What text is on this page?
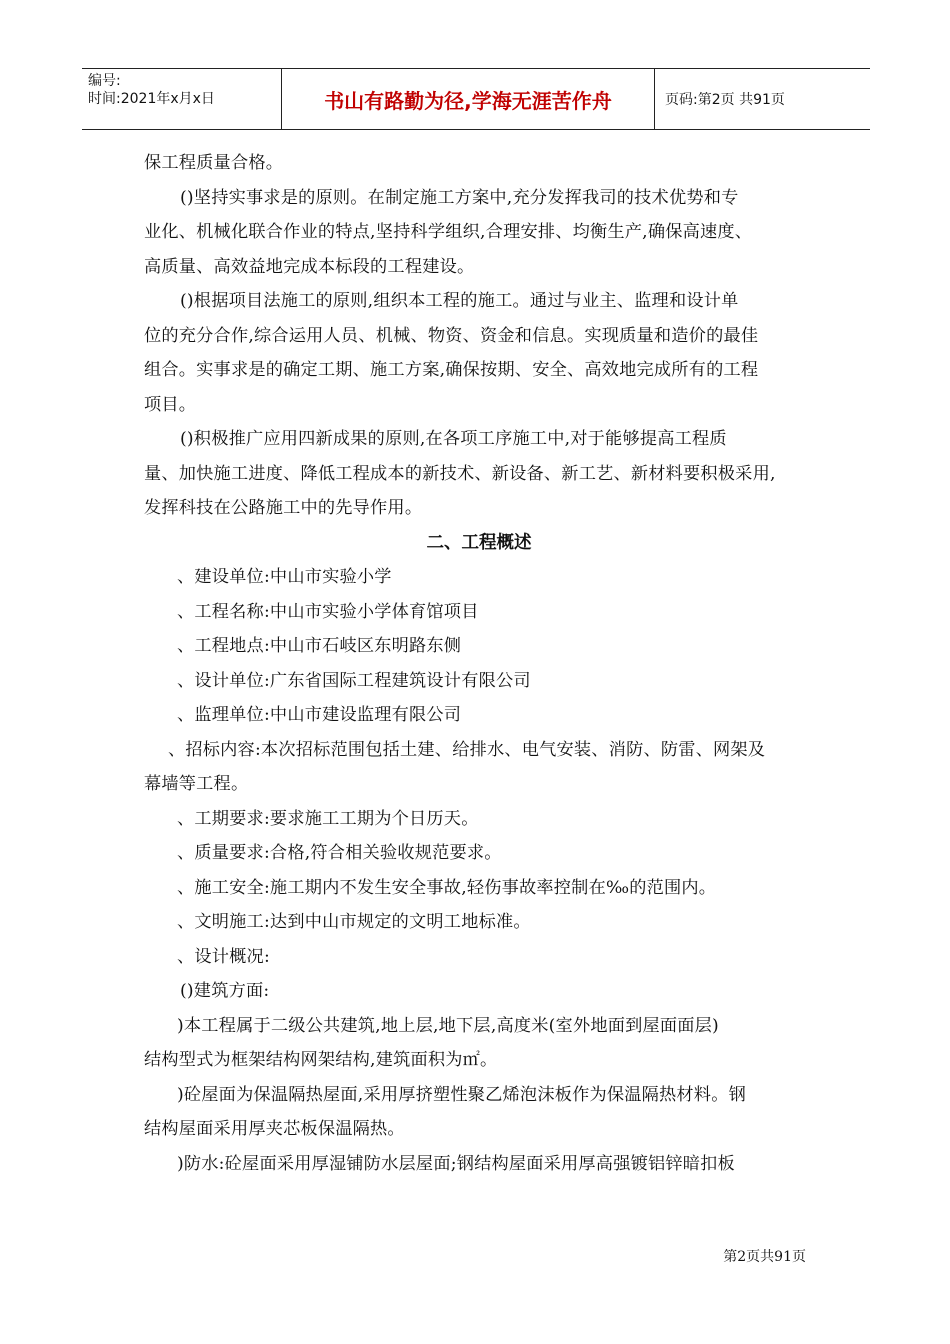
编号:
时间:2021年x月x日	书山有路勤为径,学海无涯苦作舟	页码:第2页 共91页
保工程质量合格。
()坚持实事求是的原则。在制定施工方案中,充分发挥我司的技术优势和专
业化、机械化联合作业的特点,坚持科学组织,合理安排、均衡生产,确保高速度、
高质量、高效益地完成本标段的工程建设。
()根据项目法施工的原则,组织本工程的施工。通过与业主、监理和设计单
位的充分合作,综合运用人员、机械、物资、资金和信息。实现质量和造价的最佳
组合。实事求是的确定工期、施工方案,确保按期、安全、高效地完成所有的工程
项目。
()积极推广应用四新成果的原则,在各项工序施工中,对于能够提高工程质
量、加快施工进度、降低工程成本的新技术、新设备、新工艺、新材料要积极采用,
发挥科技在公路施工中的先导作用。
二、工程概述
、建设单位:中山市实验小学
、工程名称:中山市实验小学体育馆项目
、工程地点:中山市石岐区东明路东侧
、设计单位:广东省国际工程建筑设计有限公司
、监理单位:中山市建设监理有限公司
、招标内容:本次招标范围包括土建、给排水、电气安装、消防、防雷、网架及
幕墙等工程。
、工期要求:要求施工工期为个日历天。
、质量要求:合格,符合相关验收规范要求。
、施工安全:施工期内不发生安全事故,轻伤事故率控制在‰的范围内。
、文明施工:达到中山市规定的文明工地标准。
、设计概况:
()建筑方面:
)本工程属于二级公共建筑,地上层,地下层,高度米(室外地面到屋面面层)
结构型式为框架结构网架结构,建筑面积为㎡。
)砼屋面为保温隔热屋面,采用厚挤塑性聚乙烯泡沫板作为保温隔热材料。钢
结构屋面采用厚夹芯板保温隔热。
)防水:砼屋面采用厚湿铺防水层屋面;钢结构屋面采用厚高强镀铝锌暗扣板
第2页共91页
